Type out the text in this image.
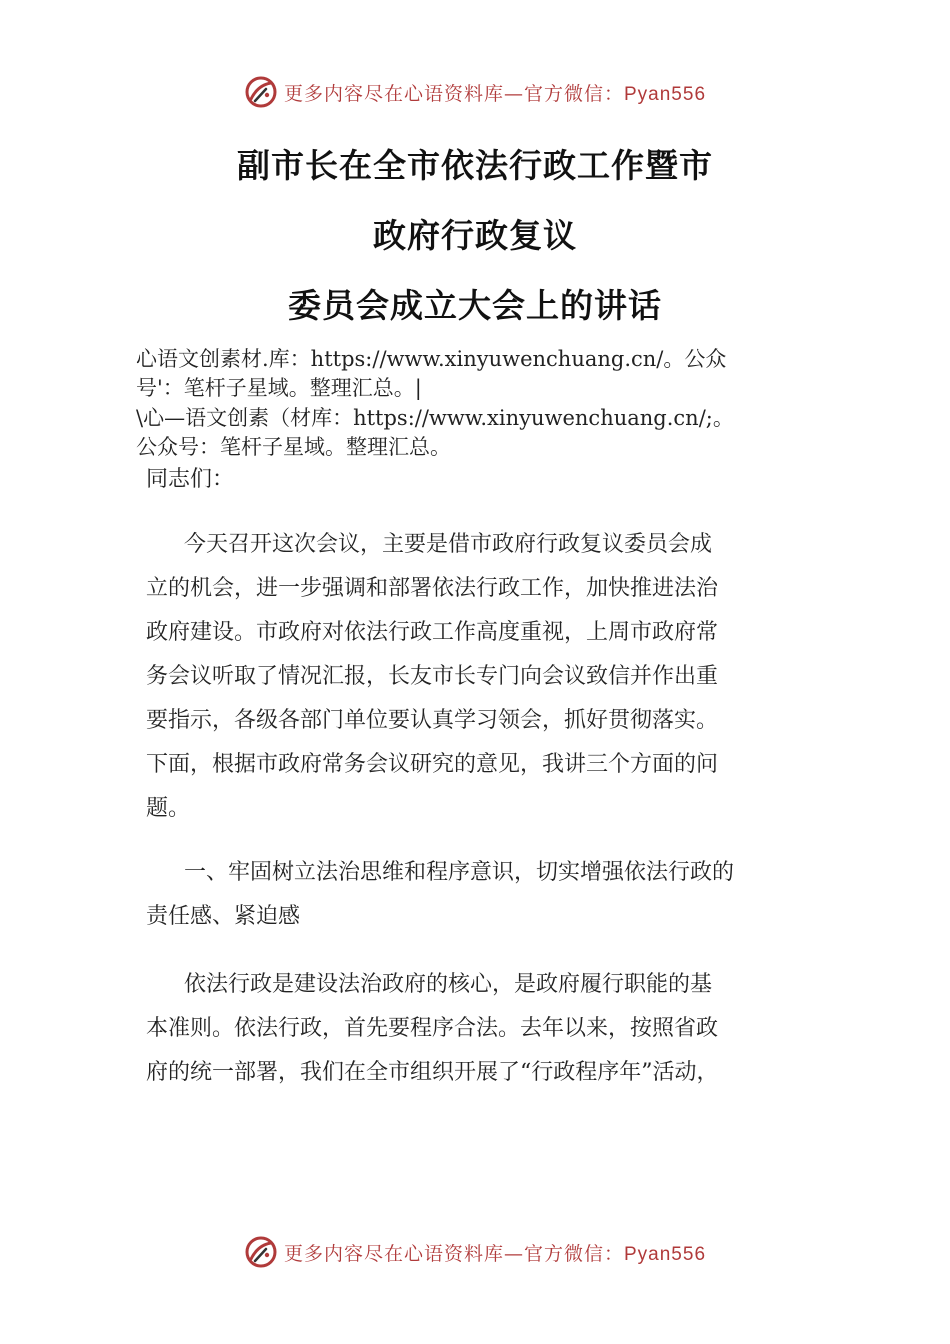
更多内容尽在心语资料库—官方微信：Pyan556
副市长在全市依法行政工作暨市
政府行政复议
委员会成立大会上的讲话
心语文创素材.库：https://www.xinyuwenchuang.cn/。公众
号'：笔杆子星域。整理汇总。|
\心—语文创素（材库：https://www.xinyuwenchuang.cn/;。
公众号：笔杆子星域。整理汇总。
同志们：
今天召开这次会议，主要是借市政府行政复议委员会成
立的机会，进一步强调和部署依法行政工作，加快推进法治
政府建设。市政府对依法行政工作高度重视，上周市政府常
务会议听取了情况汇报，长友市长专门向会议致信并作出重
要指示，各级各部门单位要认真学习领会，抓好贯彻落实。
下面，根据市政府常务会议研究的意见，我讲三个方面的问
题。
一、牢固树立法治思维和程序意识，切实增强依法行政的
责任感、紧迫感
依法行政是建设法治政府的核心，是政府履行职能的基
本准则。依法行政，首先要程序合法。去年以来，按照省政
府的统一部署，我们在全市组织开展了“行政程序年”活动，
更多内容尽在心语资料库—官方微信：Pyan556
